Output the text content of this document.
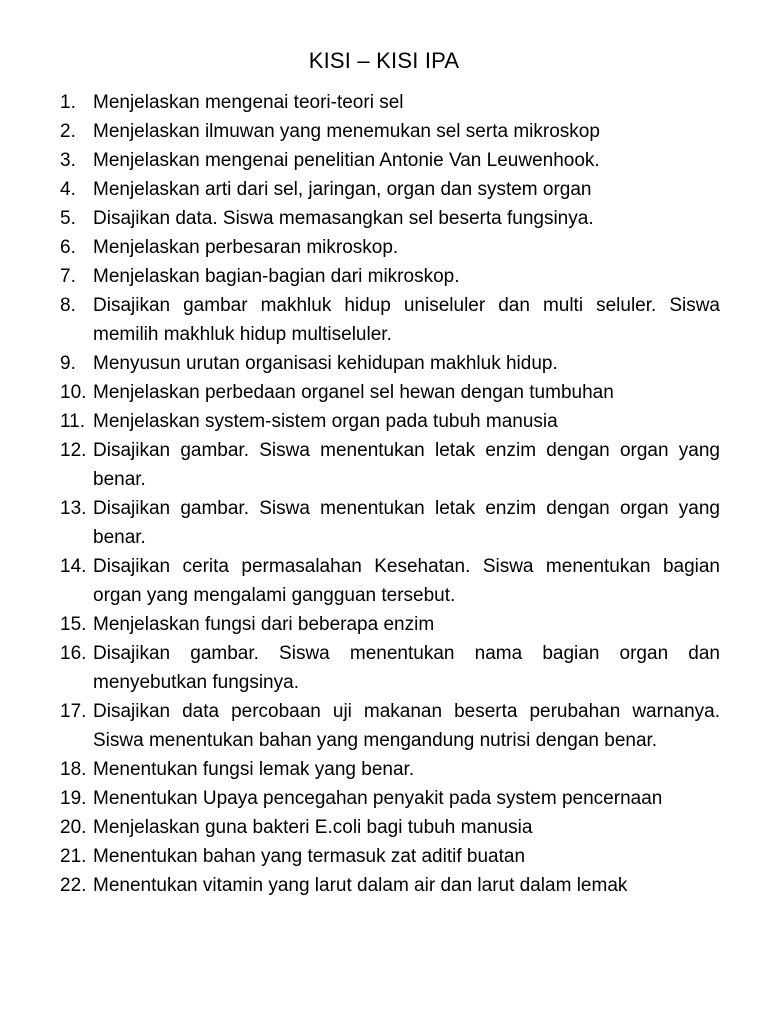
KISI – KISI IPA
1. Menjelaskan mengenai teori-teori sel
2. Menjelaskan ilmuwan yang menemukan sel serta mikroskop
3. Menjelaskan mengenai penelitian Antonie Van Leuwenhook.
4. Menjelaskan arti dari sel, jaringan, organ dan system organ
5. Disajikan data. Siswa memasangkan sel beserta fungsinya.
6. Menjelaskan perbesaran mikroskop.
7. Menjelaskan bagian-bagian dari mikroskop.
8. Disajikan gambar makhluk hidup uniseluler dan multi seluler. Siswa memilih makhluk hidup multiseluler.
9. Menyusun urutan organisasi kehidupan makhluk hidup.
10. Menjelaskan perbedaan organel sel hewan dengan tumbuhan
11. Menjelaskan system-sistem organ pada tubuh manusia
12. Disajikan gambar. Siswa menentukan letak enzim dengan organ yang benar.
13. Disajikan gambar. Siswa menentukan letak enzim dengan organ yang benar.
14. Disajikan cerita permasalahan Kesehatan. Siswa menentukan bagian organ yang mengalami gangguan tersebut.
15. Menjelaskan fungsi dari beberapa enzim
16. Disajikan gambar. Siswa menentukan nama bagian organ dan menyebutkan fungsinya.
17. Disajikan data percobaan uji makanan beserta perubahan warnanya. Siswa menentukan bahan yang mengandung nutrisi dengan benar.
18. Menentukan fungsi lemak yang benar.
19. Menentukan Upaya pencegahan penyakit pada system pencernaan
20. Menjelaskan guna bakteri E.coli bagi tubuh manusia
21. Menentukan bahan yang termasuk zat aditif buatan
22. Menentukan vitamin yang larut dalam air dan larut dalam lemak
